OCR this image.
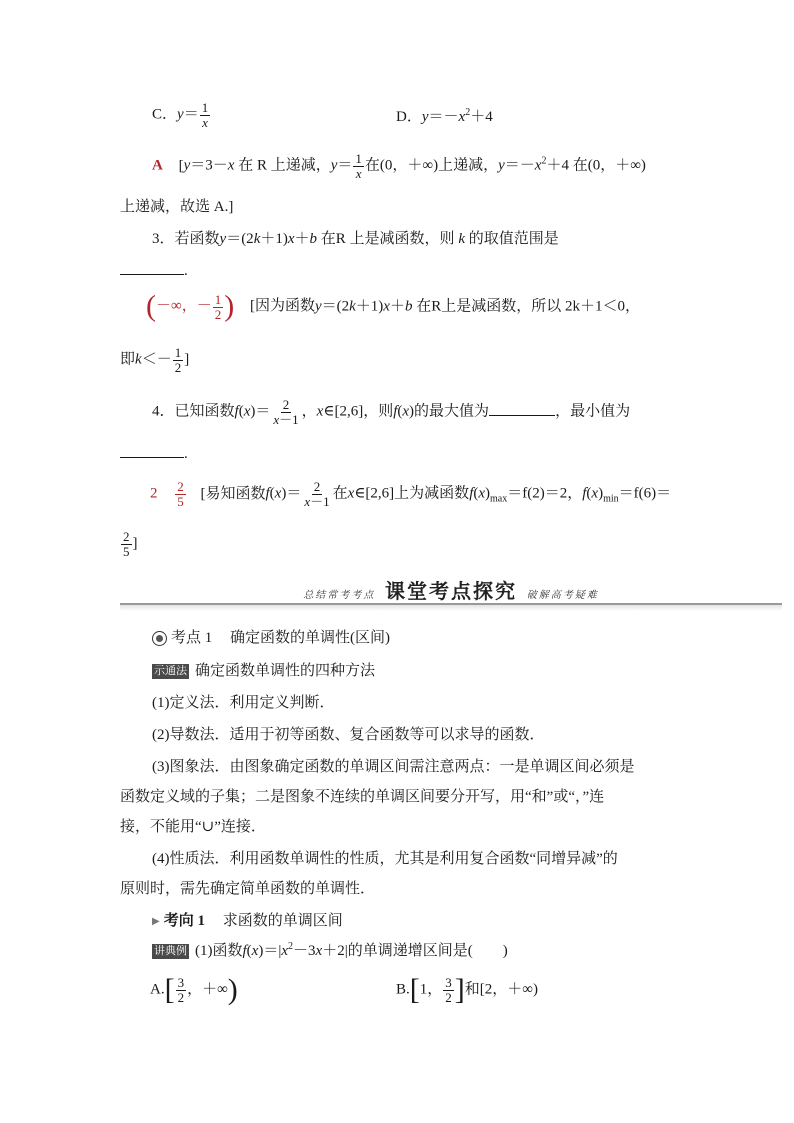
C．$y= \frac{1}{x}$	D．$y=-x^2+4$
A [y＝3－x 在 R 上递减，$y= \frac{1}{x}$ 在(0，＋∞)上递减，$y=-x^2+4$ 在(0，＋∞)
上递减，故选 A.]
3．若函数y＝(2k＋1)x＋b 在R 上是减函数，则 k 的取值范围是
.
(－∞，－ $\frac{1}{2}$ ) [因为函数y＝(2k＋1)x＋b 在R上是减函数，所以 2k＋1＜0，
即$k<- \frac{1}{2}$ ]
4．已知函数$f(x)= \frac{2}{x-1}$ ，x∈[2,6]，则f(x)的最大值为	，最小值为
.
$2 \frac{2}{5}$ [易知函数$f(x)= \frac{2}{x-1}$ 在x∈[2,6]上为减函数$f(x)_{max}=f(2)=2$，$f(x)_{min}=f(6)=$
$\frac{2}{5}$ ]
总结常考考点 课堂考点探究 破解高考疑难
考点 1 确定函数的单调性(区间)
示通法 确定函数单调性的四种方法
(1)定义法．利用定义判断．
(2)导数法．适用于初等函数、复合函数等可以求导的函数．
(3)图象法．由图象确定函数的单调区间需注意两点：一是单调区间必须是
函数定义域的子集；二是图象不连续的单调区间要分开写，用“和”或“，”连
接，不能用“∪”连接．
(4)性质法．利用函数单调性的性质，尤其是利用复合函数“同增异减”的
原则时，需先确定简单函数的单调性．
▶ 考向 1 求函数的单调区间
讲典例 (1)函数$f(x)=|x^2-3x+2|$的单调递增区间是(　　)
$A.[ \frac{3}{2}$ ，＋∞)	B.[1， $\frac{3}{2}$ ]和[2，＋∞)
